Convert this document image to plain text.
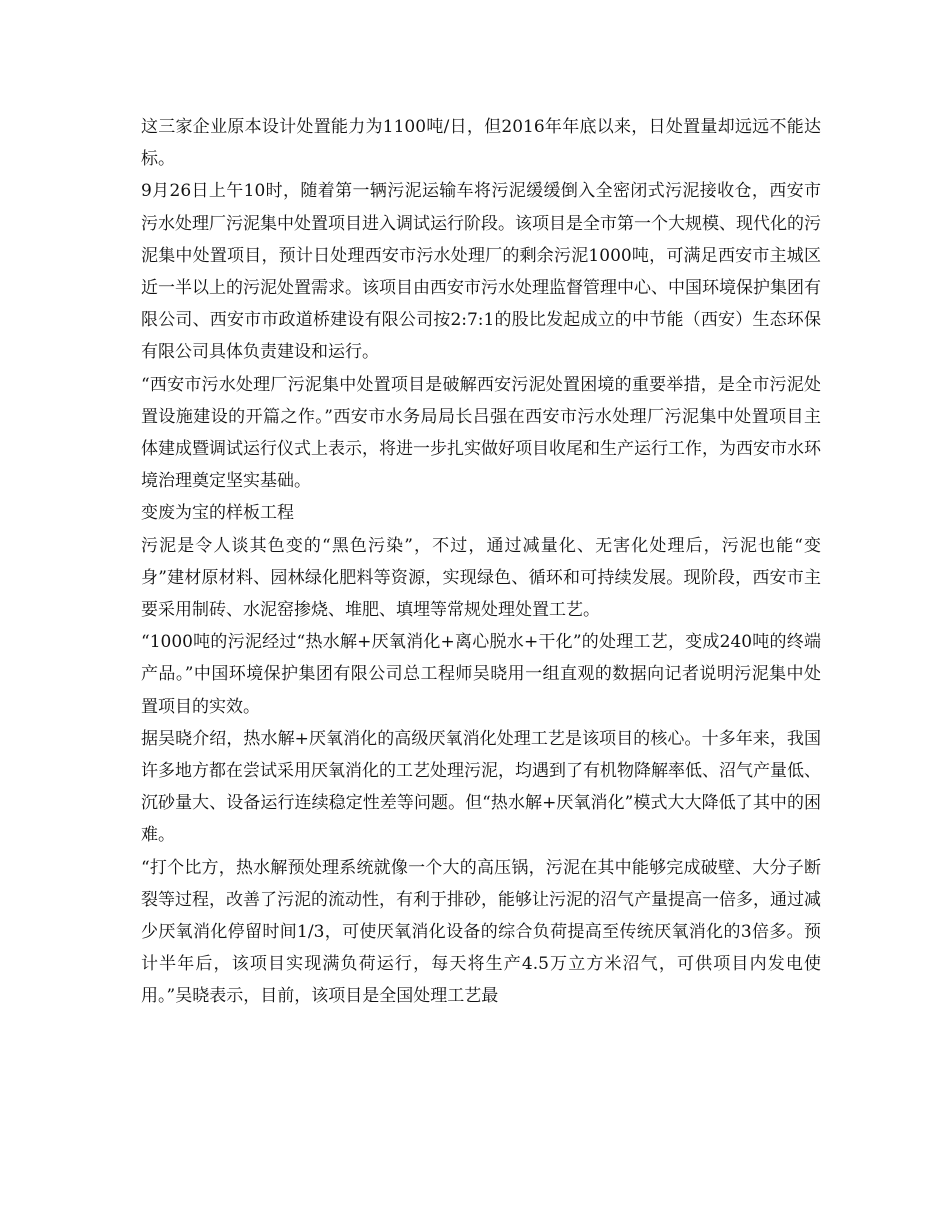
这三家企业原本设计处置能力为1100吨/日，但2016年年底以来，日处置量却远远不能达标。

9月26日上午10时，随着第一辆污泥运输车将污泥缓缓倒入全密闭式污泥接收仓，西安市污水处理厂污泥集中处置项目进入调试运行阶段。该项目是全市第一个大规模、现代化的污泥集中处置项目，预计日处理西安市污水处理厂的剩余污泥1000吨，可满足西安市主城区近一半以上的污泥处置需求。该项目由西安市污水处理监督管理中心、中国环境保护集团有限公司、西安市市政道桥建设有限公司按2:7:1的股比发起成立的中节能（西安）生态环保有限公司具体负责建设和运行。

“西安市污水处理厂污泥集中处置项目是破解西安污泥处置困境的重要举措，是全市污泥处置设施建设的开篇之作。”西安市水务局局长吕强在西安市污水处理厂污泥集中处置项目主体建成暨调试运行仪式上表示，将进一步扎实做好项目收尾和生产运行工作，为西安市水环境治理奠定坚实基础。

变废为宝的样板工程

污泥是令人谈其色变的“黑色污染”，不过，通过减量化、无害化处理后，污泥也能“变身”建材原材料、园林绿化肥料等资源，实现绿色、循环和可持续发展。现阶段，西安市主要采用制砖、水泥窑掺烧、堆肥、填埋等常规处理处置工艺。

“1000吨的污泥经过“热水解+厌氧消化+离心脱水+干化”的处理工艺，变成240吨的终端产品。”中国环境保护集团有限公司总工程师吴晓用一组直观的数据向记者说明污泥集中处置项目的实效。

据吴晓介绍，热水解+厌氧消化的高级厌氧消化处理工艺是该项目的核心。十多年来，我国许多地方都在尝试采用厌氧消化的工艺处理污泥，均遇到了有机物降解率低、沼气产量低、沉砂量大、设备运行连续稳定性差等问题。但“热水解+厌氧消化”模式大大降低了其中的困难。

“打个比方，热水解预处理系统就像一个大的高压锅，污泥在其中能够完成破壁、大分子断裂等过程，改善了污泥的流动性，有利于排砂，能够让污泥的沼气产量提高一倍多，通过减少厌氧消化停留时间1/3，可使厌氧消化设备的综合负荷提高至传统厌氧消化的3倍多。预计半年后，该项目实现满负荷运行，每天将生产4.5万立方米沼气，可供项目内发电使用。”吴晓表示，目前，该项目是全国处理工艺最
